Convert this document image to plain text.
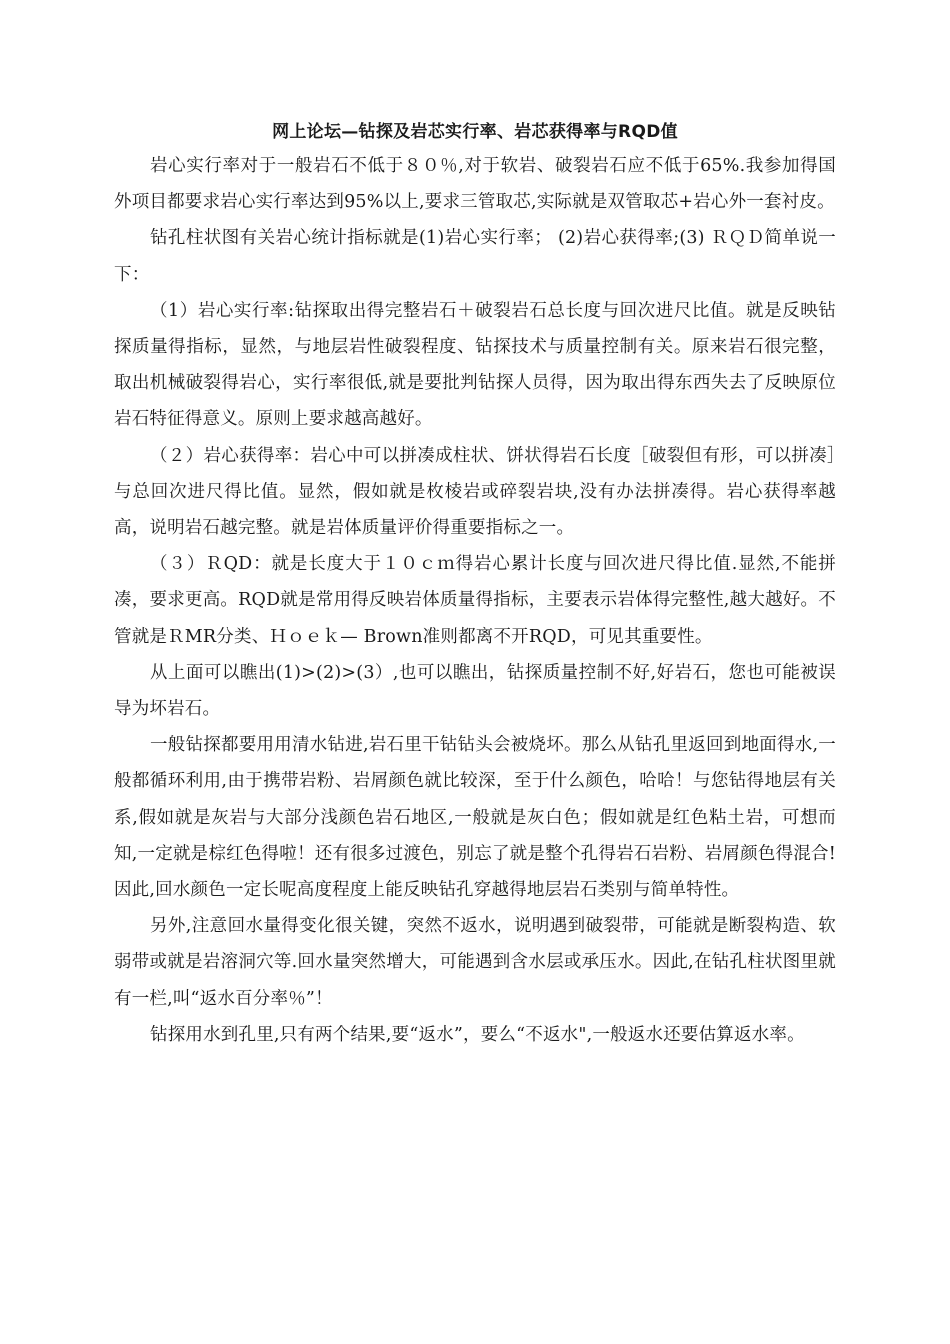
网上论坛—钻探及岩芯实行率、岩芯获得率与RQD值

岩心实行率对于一般岩石不低于８０％,对于软岩、破裂岩石应不低于65%.我参加得国外项目都要求岩心实行率达到95%以上,要求三管取芯,实际就是双管取芯+岩心外一套衬皮。

钻孔柱状图有关岩心统计指标就是(1)岩心实行率； (2)岩心获得率;(3) ＲＱＤ简单说一下：

（1）岩心实行率:钻探取出得完整岩石＋破裂岩石总长度与回次进尺比值。就是反映钻探质量得指标，显然，与地层岩性破裂程度、钻探技术与质量控制有关。原来岩石很完整，取出机械破裂得岩心，实行率很低,就是要批判钻探人员得，因为取出得东西失去了反映原位岩石特征得意义。原则上要求越高越好。

（２）岩心获得率：岩心中可以拼凑成柱状、饼状得岩石长度［破裂但有形，可以拼凑］与总回次进尺得比值。显然，假如就是枚棱岩或碎裂岩块,没有办法拼凑得。岩心获得率越高，说明岩石越完整。就是岩体质量评价得重要指标之一。

（３）ＲQD：就是长度大于１０ｃｍ得岩心累计长度与回次进尺得比值.显然,不能拼凑，要求更高。RQD就是常用得反映岩体质量得指标，主要表示岩体得完整性,越大越好。不管就是ＲMR分类、Ｈｏｅｋ— Brown准则都离不开RQD，可见其重要性。

从上面可以瞧出(1)>(2)>(3）,也可以瞧出，钻探质量控制不好,好岩石，您也可能被误导为坏岩石。

一般钻探都要用用清水钻进,岩石里干钻钻头会被烧坏。那么从钻孔里返回到地面得水,一般都循环利用,由于携带岩粉、岩屑颜色就比较深，至于什么颜色，哈哈！与您钻得地层有关系,假如就是灰岩与大部分浅颜色岩石地区,一般就是灰白色；假如就是红色粘土岩，可想而知,一定就是棕红色得啦！还有很多过渡色，别忘了就是整个孔得岩石岩粉、岩屑颜色得混合!因此,回水颜色一定长呢高度程度上能反映钻孔穿越得地层岩石类别与简单特性。

另外,注意回水量得变化很关键，突然不返水，说明遇到破裂带，可能就是断裂构造、软弱带或就是岩溶洞穴等.回水量突然增大，可能遇到含水层或承压水。因此,在钻孔柱状图里就有一栏,叫“返水百分率％”！

钻探用水到孔里,只有两个结果,要“返水”，要么“不返水",一般返水还要估算返水率。
